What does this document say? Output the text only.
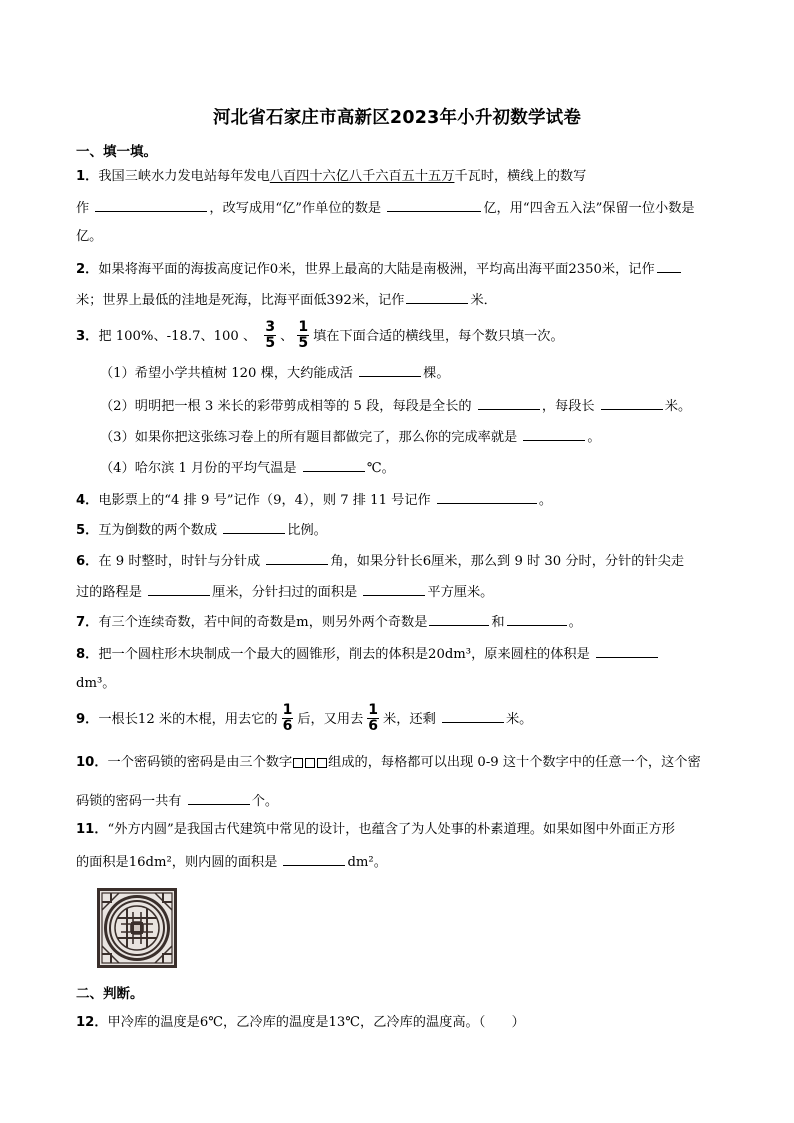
河北省石家庄市高新区2023年小升初数学试卷
一、填一填。
1．我国三峡水力发电站每年发电八百四十六亿八千六百五十五万千瓦时，横线上的数写
作	，改写成用“亿”作单位的数是	亿，用“四舍五入法”保留一位小数是
亿。
2．如果将海平面的海拔高度记作0米，世界上最高的大陆是南极洲，平均高出海平面2350米，记作
米；世界上最低的洼地是死海，比海平面低392米，记作	米．
3．把 100%、-18.7、100 、 $\frac{3}{5}$ 、 $\frac{1}{5}$ 填在下面合适的横线里，每个数只填一次。
（1）希望小学共植树 120 棵，大约能成活	棵。
（2）明明把一根 3 米长的彩带剪成相等的 5 段，每段是全长的	，每段长	米。
（3）如果你把这张练习卷上的所有题目都做完了，那么你的完成率就是	。
（4）哈尔滨 1 月份的平均气温是	℃。
4．电影票上的“4 排 9 号”记作（9，4），则 7 排 11 号记作	。
5．互为倒数的两个数成	比例。
6．在 9 时整时，时针与分针成	角，如果分针长6厘米，那么到 9 时 30 分时，分针的针尖走
过的路程是	厘米，分针扫过的面积是	平方厘米。
7．有三个连续奇数，若中间的奇数是m，则另外两个奇数是	和	。
8．把一个圆柱形木块制成一个最大的圆锥形，削去的体积是20dm³，原来圆柱的体积是
dm³。
9．一根长12 米的木棍，用去它的 $\frac{1}{6}$ 后，又用去 $\frac{1}{6}$ 米，还剩	米。
10．一个密码锁的密码是由三个数字	组成的，每格都可以出现 0-9 这十个数字中的任意一个，这个密
码锁的密码一共有	个。
11．“外方内圆”是我国古代建筑中常见的设计，也蕴含了为人处事的朴素道理。如果如图中外面正方形
的面积是16dm²，则内圆的面积是	dm²。
二、判断。
12．甲冷库的温度是6℃，乙冷库的温度是13℃，乙冷库的温度高。（　　）
